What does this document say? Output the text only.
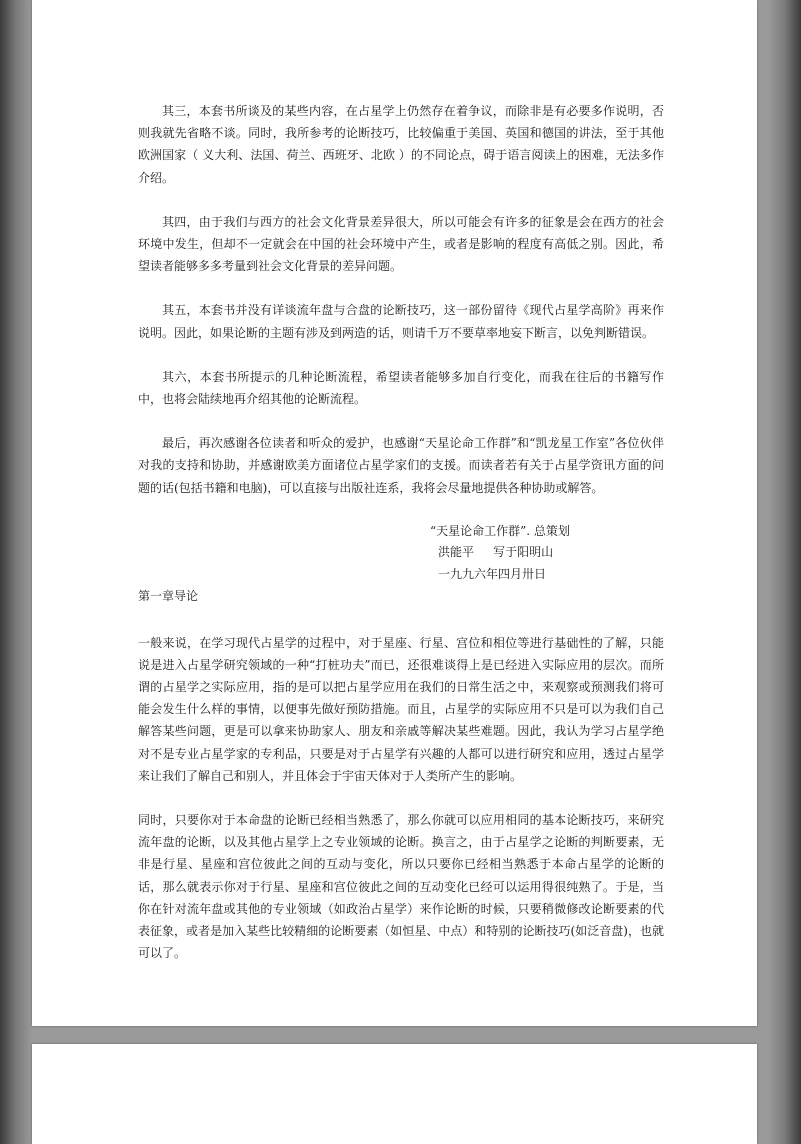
其三，本套书所谈及的某些内容，在占星学上仍然存在着争议，而除非是有必要多作说明，否则我就先省略不谈。同时，我所参考的论断技巧，比较偏重于美国、英国和德国的讲法，至于其他欧洲国家（ 义大利、法国、荷兰、西班牙、北欧 ）的不同论点，碍于语言阅读上的困难，无法多作介绍。

其四，由于我们与西方的社会文化背景差异很大，所以可能会有许多的征象是会在西方的社会环境中发生，但却不一定就会在中国的社会环境中产生，或者是影响的程度有高低之别。因此，希望读者能够多多考量到社会文化背景的差异问题。

其五，本套书并没有详谈流年盘与合盘的论断技巧，这一部份留待《现代占星学高阶》再来作说明。因此，如果论断的主题有涉及到两造的话，则请千万不要草率地妄下断言，以免判断错误。

其六，本套书所提示的几种论断流程，希望读者能够多加自行变化，而我在往后的书籍写作中，也将会陆续地再介绍其他的论断流程。

最后，再次感谢各位读者和听众的爱护，也感谢“天星论命工作群”和“凯龙星工作室”各位伙伴对我的支持和协助，并感谢欧美方面诸位占星学家们的支援。而读者若有关于占星学资讯方面的问题的话(包括书籍和电脑)，可以直接与出版社连系，我将会尽量地提供各种协助或解答。

“天星论命工作群”. 总策划
洪能平     写于阳明山
一九九六年四月卅日

第一章导论

一般来说，在学习现代占星学的过程中，对于星座、行星、宫位和相位等进行基础性的了解，只能说是进入占星学研究领域的一种“打桩功夫”而已，还很难谈得上是已经进入实际应用的层次。而所谓的占星学之实际应用，指的是可以把占星学应用在我们的日常生活之中，来观察或预测我们将可能会发生什么样的事情，以便事先做好预防措施。而且，占星学的实际应用不只是可以为我们自己解答某些问题，更是可以拿来协助家人、朋友和亲戚等解决某些难题。因此，我认为学习占星学绝对不是专业占星学家的专利品，只要是对于占星学有兴趣的人都可以进行研究和应用，透过占星学来让我们了解自己和别人，并且体会于宇宙天体对于人类所产生的影响。

同时，只要你对于本命盘的论断已经相当熟悉了，那么你就可以应用相同的基本论断技巧，来研究流年盘的论断，以及其他占星学上之专业领域的论断。换言之，由于占星学之论断的判断要素，无非是行星、星座和宫位彼此之间的互动与变化，所以只要你已经相当熟悉于本命占星学的论断的话，那么就表示你对于行星、星座和宫位彼此之间的互动变化已经可以运用得很纯熟了。于是，当你在针对流年盘或其他的专业领域（如政治占星学）来作论断的时候，只要稍微修改论断要素的代表征象，或者是加入某些比较精细的论断要素（如恒星、中点）和特别的论断技巧(如泛音盘)，也就可以了。
